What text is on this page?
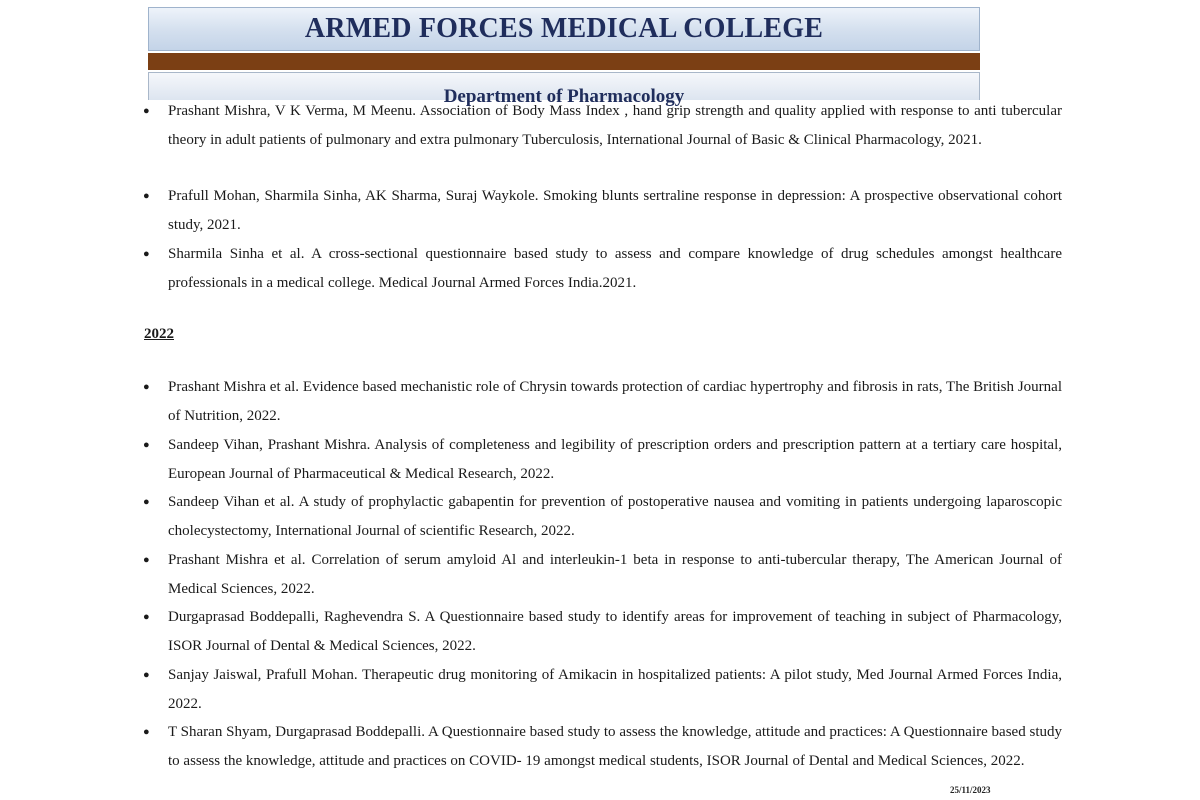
ARMED FORCES MEDICAL COLLEGE
Department of Pharmacology
● Prashant Mishra, V K Verma, M Meenu. Association of Body Mass Index , hand grip strength and quality applied with response to anti tubercular theory in adult patients of pulmonary and extra pulmonary Tuberculosis, International Journal of Basic & Clinical Pharmacology, 2021.
● Prafull Mohan, Sharmila Sinha, AK Sharma, Suraj Waykole. Smoking blunts sertraline response in depression: A prospective observational cohort study, 2021.
● Sharmila Sinha et al. A cross-sectional questionnaire based study to assess and compare knowledge of drug schedules amongst healthcare professionals in a medical college. Medical Journal Armed Forces India.2021.
2022
● Prashant Mishra et al. Evidence based mechanistic role of Chrysin towards protection of cardiac hypertrophy and fibrosis in rats, The British Journal of Nutrition, 2022.
● Sandeep Vihan, Prashant Mishra. Analysis of completeness and legibility of prescription orders and prescription pattern at a tertiary care hospital, European Journal of Pharmaceutical & Medical Research, 2022.
● Sandeep Vihan et al. A study of prophylactic gabapentin for prevention of postoperative nausea and vomiting in patients undergoing laparoscopic cholecystectomy, International Journal of scientific Research, 2022.
● Prashant Mishra et al. Correlation of serum amyloid Al and interleukin-1 beta in response to anti-tubercular therapy, The American Journal of Medical Sciences, 2022.
● Durgaprasad Boddepalli, Raghevendra S. A Questionnaire based study to identify areas for improvement of teaching in subject of Pharmacology, ISOR Journal of Dental & Medical Sciences, 2022.
● Sanjay Jaiswal, Prafull Mohan. Therapeutic drug monitoring of Amikacin in hospitalized patients: A pilot study, Med Journal Armed Forces India, 2022.
● T Sharan Shyam, Durgaprasad Boddepalli. A Questionnaire based study to assess the knowledge, attitude and practices: A Questionnaire based study to assess the knowledge, attitude and practices on COVID- 19 amongst medical students, ISOR Journal of Dental and Medical Sciences, 2022.
25/11/2023
